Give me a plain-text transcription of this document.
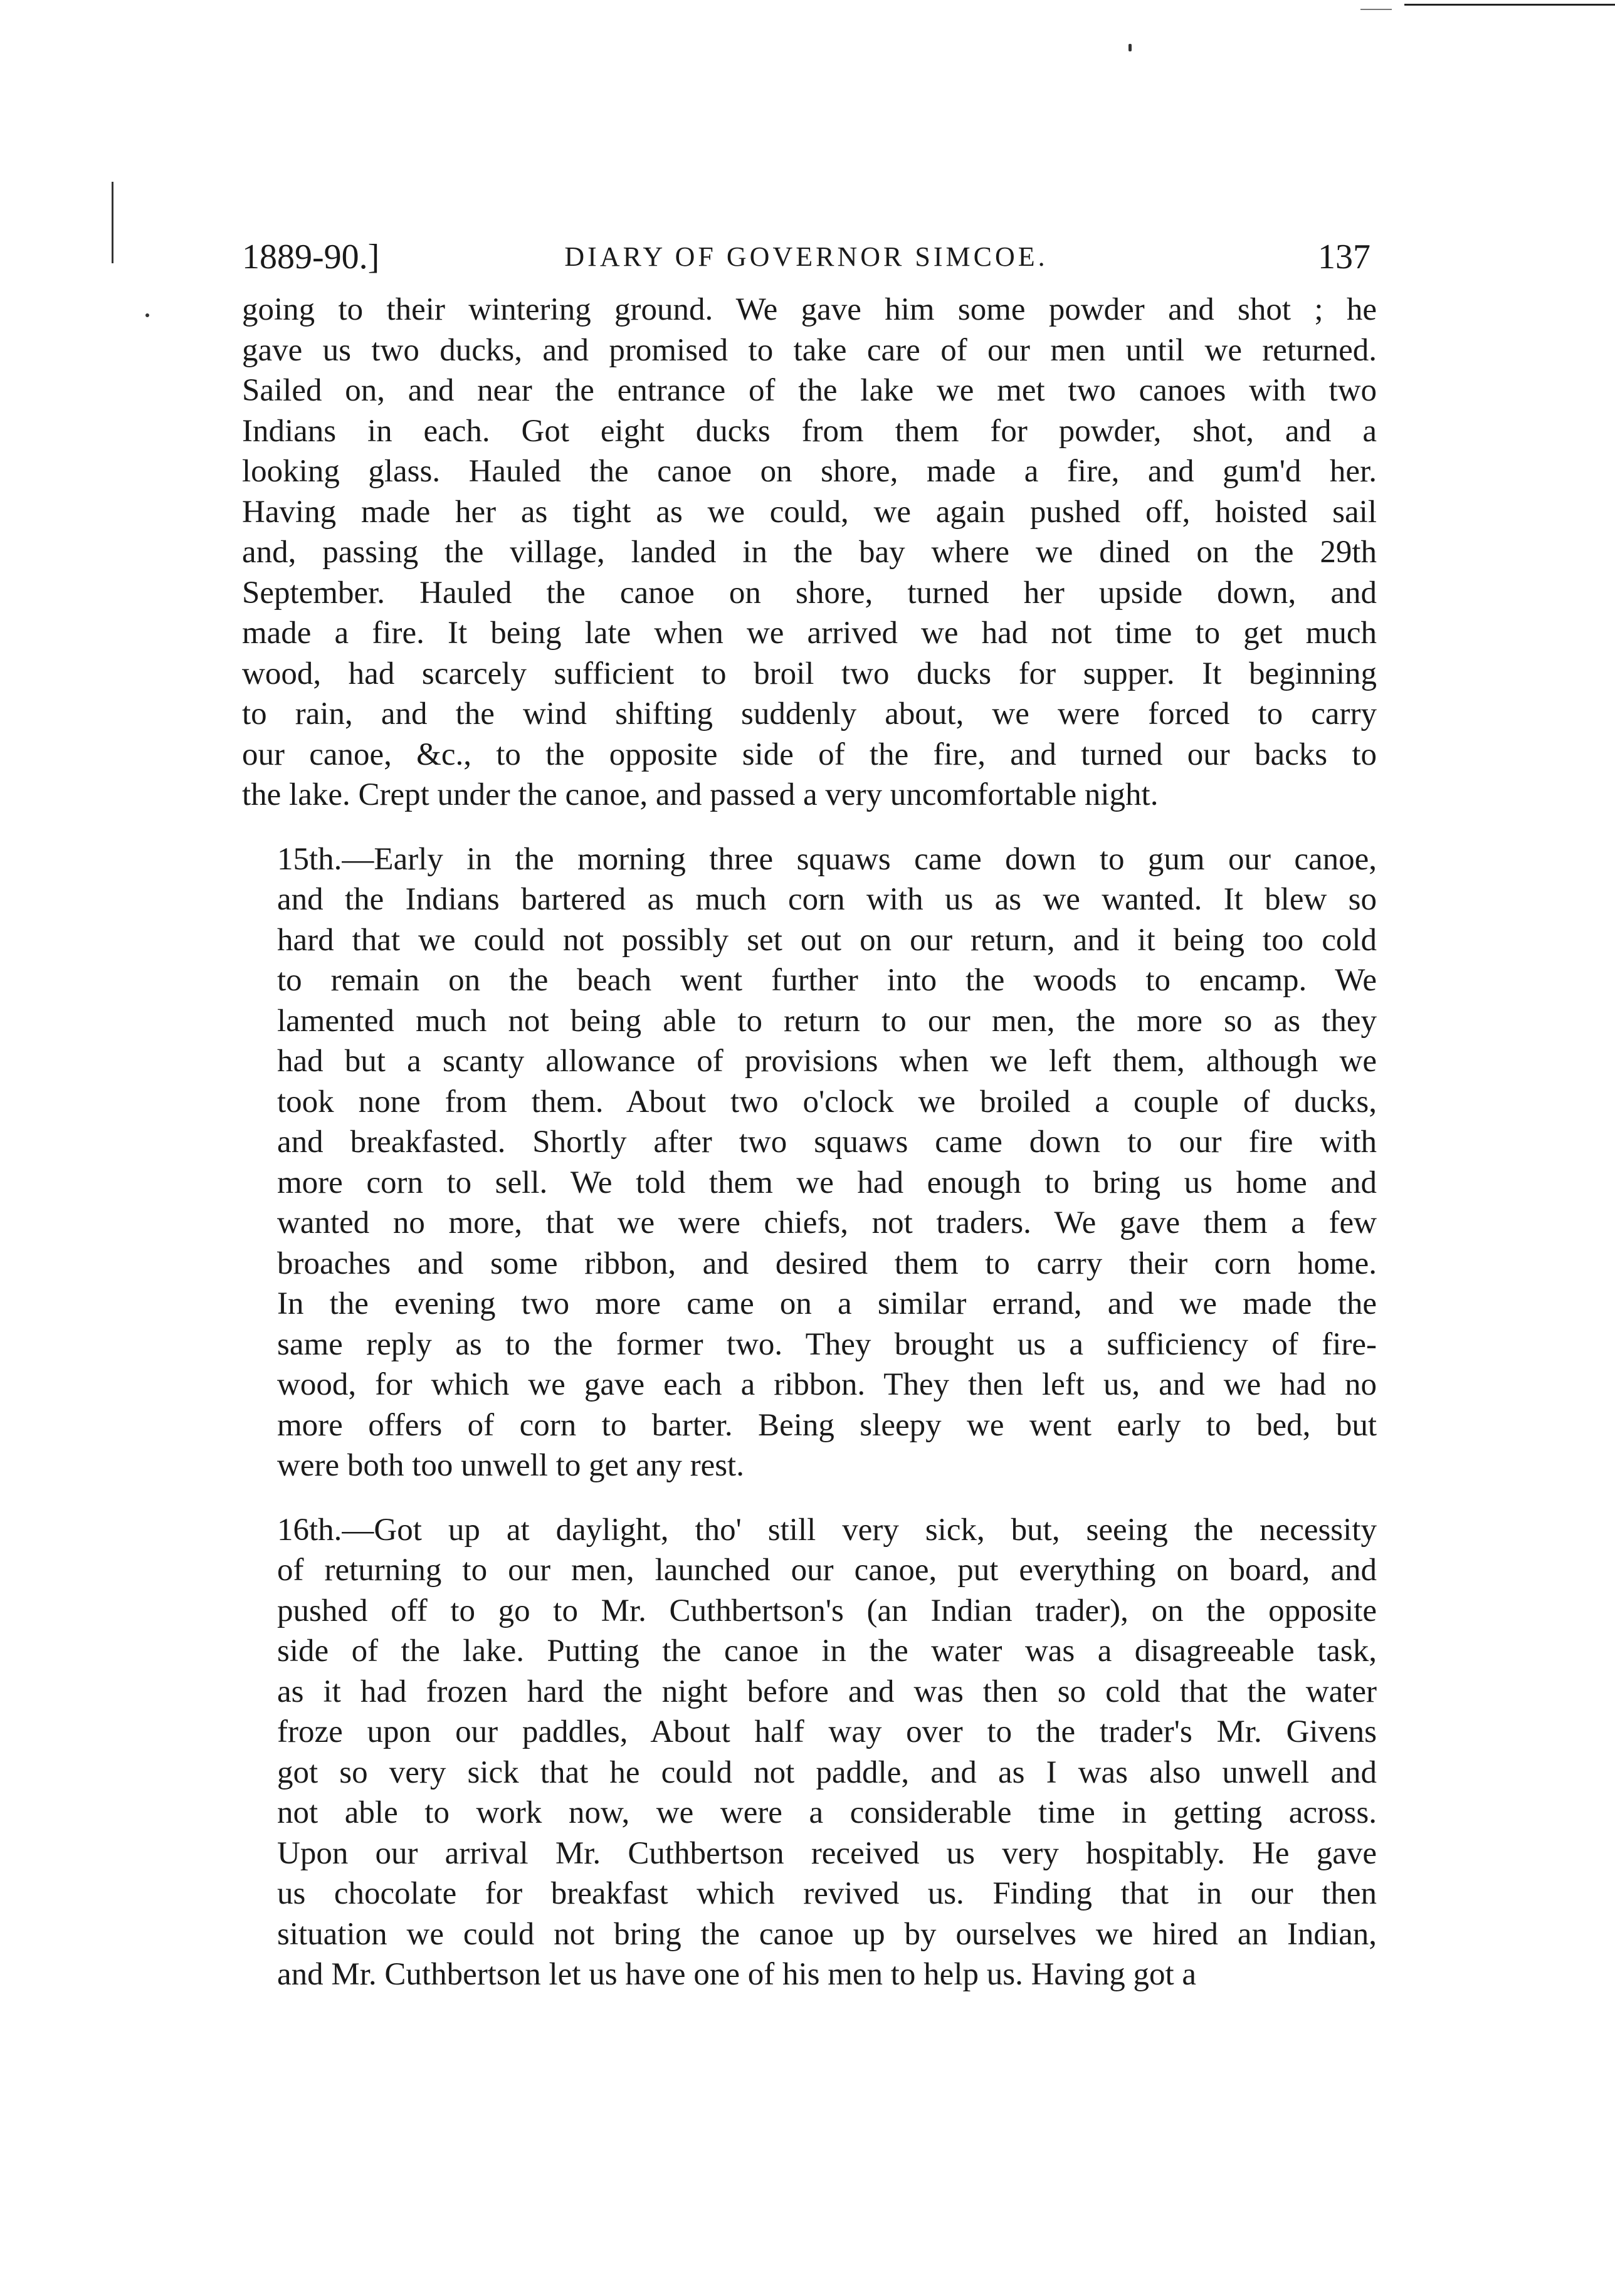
1889-90.]	DIARY OF GOVERNOR SIMCOE.	137

going to their wintering ground. We gave him some powder and shot ; he
gave us two ducks, and promised to take care of our men until we returned.
Sailed on, and near the entrance of the lake we met two canoes with two
Indians in each. Got eight ducks from them for powder, shot, and a
looking glass. Hauled the canoe on shore, made a fire, and gum'd her.
Having made her as tight as we could, we again pushed off, hoisted sail
and, passing the village, landed in the bay where we dined on the 29th
September. Hauled the canoe on shore, turned her upside down, and
made a fire. It being late when we arrived we had not time to get much
wood, had scarcely sufficient to broil two ducks for supper. It beginning
to rain, and the wind shifting suddenly about, we were forced to carry
our canoe, &c., to the opposite side of the fire, and turned our backs to
the lake. Crept under the canoe, and passed a very uncomfortable night.

15th.—Early in the morning three squaws came down to gum our canoe,
and the Indians bartered as much corn with us as we wanted. It blew so
hard that we could not possibly set out on our return, and it being too cold
to remain on the beach went further into the woods to encamp. We
lamented much not being able to return to our men, the more so as they
had but a scanty allowance of provisions when we left them, although we
took none from them. About two o'clock we broiled a couple of ducks,
and breakfasted. Shortly after two squaws came down to our fire with
more corn to sell. We told them we had enough to bring us home and
wanted no more, that we were chiefs, not traders. We gave them a few
broaches and some ribbon, and desired them to carry their corn home.
In the evening two more came on a similar errand, and we made the
same reply as to the former two. They brought us a sufficiency of fire-
wood, for which we gave each a ribbon. They then left us, and we had no
more offers of corn to barter. Being sleepy we went early to bed, but
were both too unwell to get any rest.

16th.—Got up at daylight, tho' still very sick, but, seeing the necessity
of returning to our men, launched our canoe, put everything on board, and
pushed off to go to Mr. Cuthbertson's (an Indian trader), on the opposite
side of the lake. Putting the canoe in the water was a disagreeable task,
as it had frozen hard the night before and was then so cold that the water
froze upon our paddles, About half way over to the trader's Mr. Givens
got so very sick that he could not paddle, and as I was also unwell and
not able to work now, we were a considerable time in getting across.
Upon our arrival Mr. Cuthbertson received us very hospitably. He gave
us chocolate for breakfast which revived us. Finding that in our then
situation we could not bring the canoe up by ourselves we hired an Indian,
and Mr. Cuthbertson let us have one of his men to help us. Having got a
